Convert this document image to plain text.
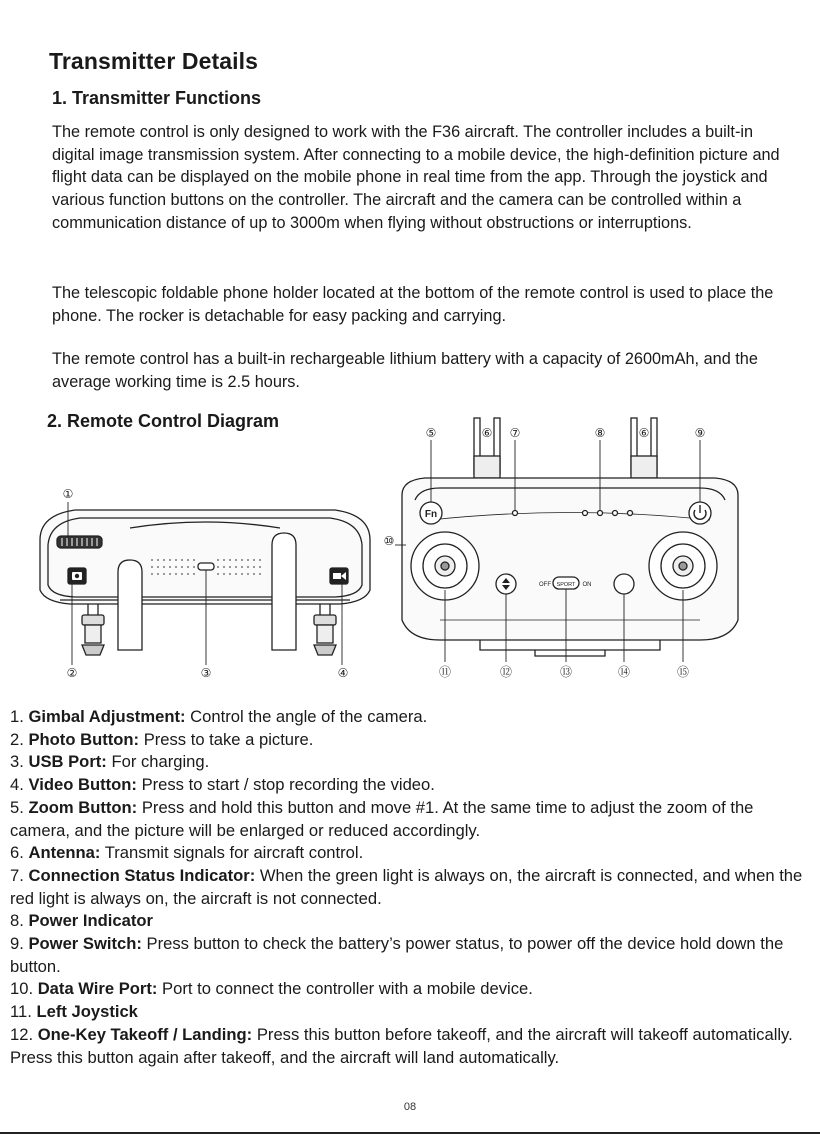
Transmitter Details
1. Transmitter Functions
The remote control is only designed to work with the F36 aircraft. The controller includes a built-in digital image transmission system. After connecting to a mobile device, the high-definition picture and flight data can be displayed on the mobile phone in real time from the app. Through the joystick and various function buttons on the controller. The aircraft and the camera can be controlled within a communication distance of up to 3000m when flying without obstructions or interruptions.
The telescopic foldable phone holder located at the bottom of the remote control is used to place the phone. The rocker is detachable for easy packing and carrying.
The remote control has a built-in rechargeable lithium battery with a capacity of 2600mAh, and the average working time is 2.5 hours.
2. Remote Control Diagram
①
②	③	④
Fn
OFF SPORT ON
⑤	⑥ ⑦	⑧	⑥	⑨
⑩
⑪	⑫	⑬	⑭	⑮
1. Gimbal Adjustment: Control the angle of the camera.
2. Photo Button: Press to take a picture.
3. USB Port: For charging.
4. Video Button: Press to start / stop recording the video.
5. Zoom Button: Press and hold this button and move #1. At the same time to adjust the zoom of the camera, and the picture will be enlarged or reduced accordingly.
6. Antenna: Transmit signals for aircraft control.
7. Connection Status Indicator: When the green light is always on, the aircraft is connected, and when the red light is always on, the aircraft is not connected.
8. Power Indicator
9. Power Switch: Press button to check the battery’s power status, to power off the device hold down the button.
10. Data Wire Port: Port to connect the controller with a mobile device.
11. Left Joystick
12. One-Key Takeoff / Landing: Press this button before takeoff, and the aircraft will takeoff automatically. Press this button again after takeoff, and the aircraft will land automatically.
08
